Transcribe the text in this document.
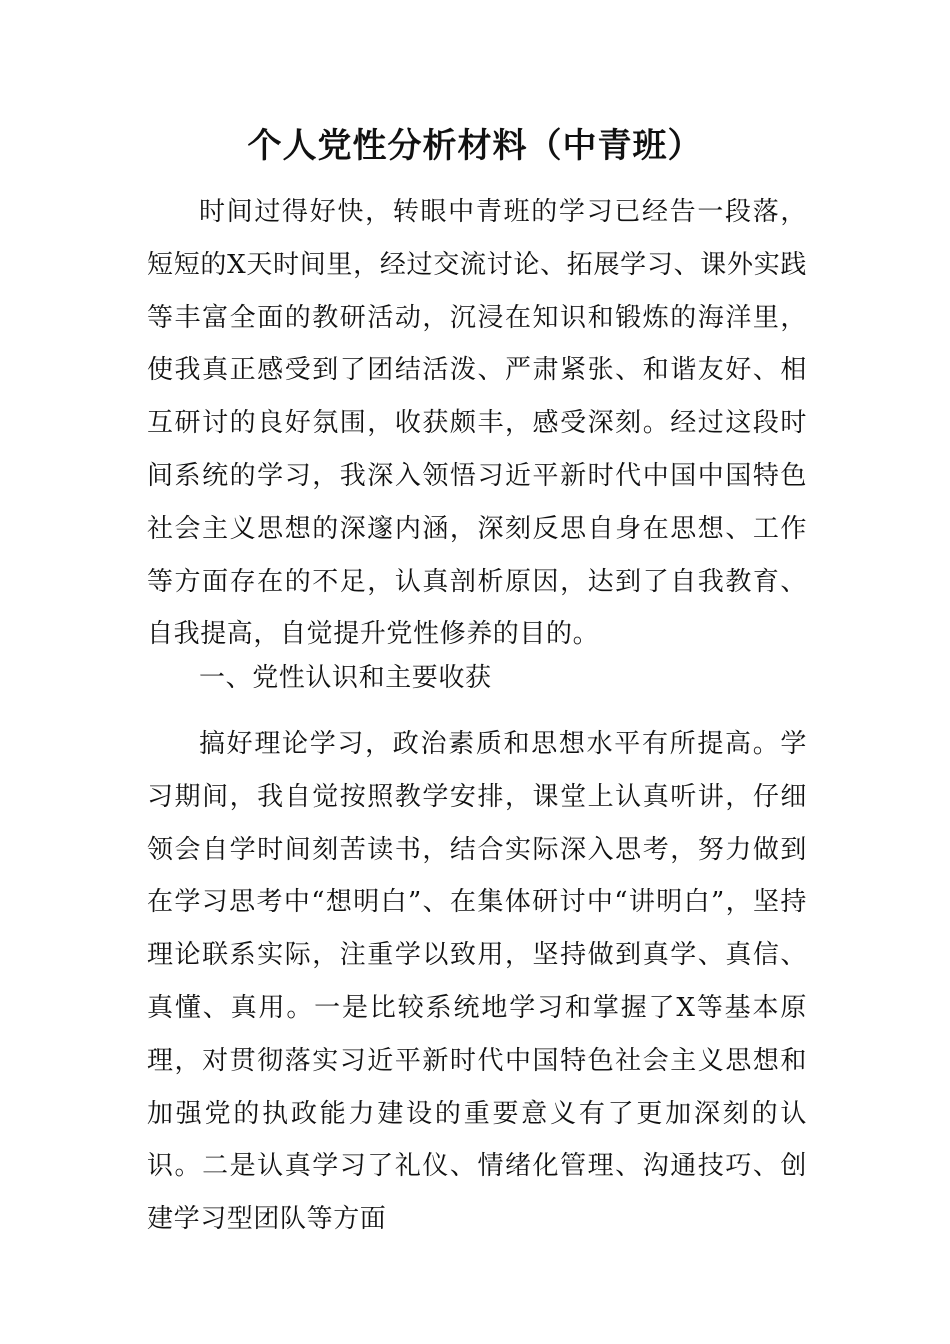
个人党性分析材料（中青班）

时间过得好快，转眼中青班的学习已经告一段落，短短的X天时间里，经过交流讨论、拓展学习、课外实践等丰富全面的教研活动，沉浸在知识和锻炼的海洋里，使我真正感受到了团结活泼、严肃紧张、和谐友好、相互研讨的良好氛围，收获颇丰，感受深刻。经过这段时间系统的学习，我深入领悟习近平新时代中国中国特色社会主义思想的深邃内涵，深刻反思自身在思想、工作等方面存在的不足，认真剖析原因，达到了自我教育、自我提高，自觉提升党性修养的目的。

一、党性认识和主要收获

搞好理论学习，政治素质和思想水平有所提高。学习期间，我自觉按照教学安排，课堂上认真听讲，仔细领会自学时间刻苦读书，结合实际深入思考，努力做到在学习思考中“想明白”、在集体研讨中“讲明白”，坚持理论联系实际，注重学以致用，坚持做到真学、真信、真懂、真用。一是比较系统地学习和掌握了X等基本原理，对贯彻落实习近平新时代中国特色社会主义思想和加强党的执政能力建设的重要意义有了更加深刻的认识。二是认真学习了礼仪、情绪化管理、沟通技巧、创建学习型团队等方面
